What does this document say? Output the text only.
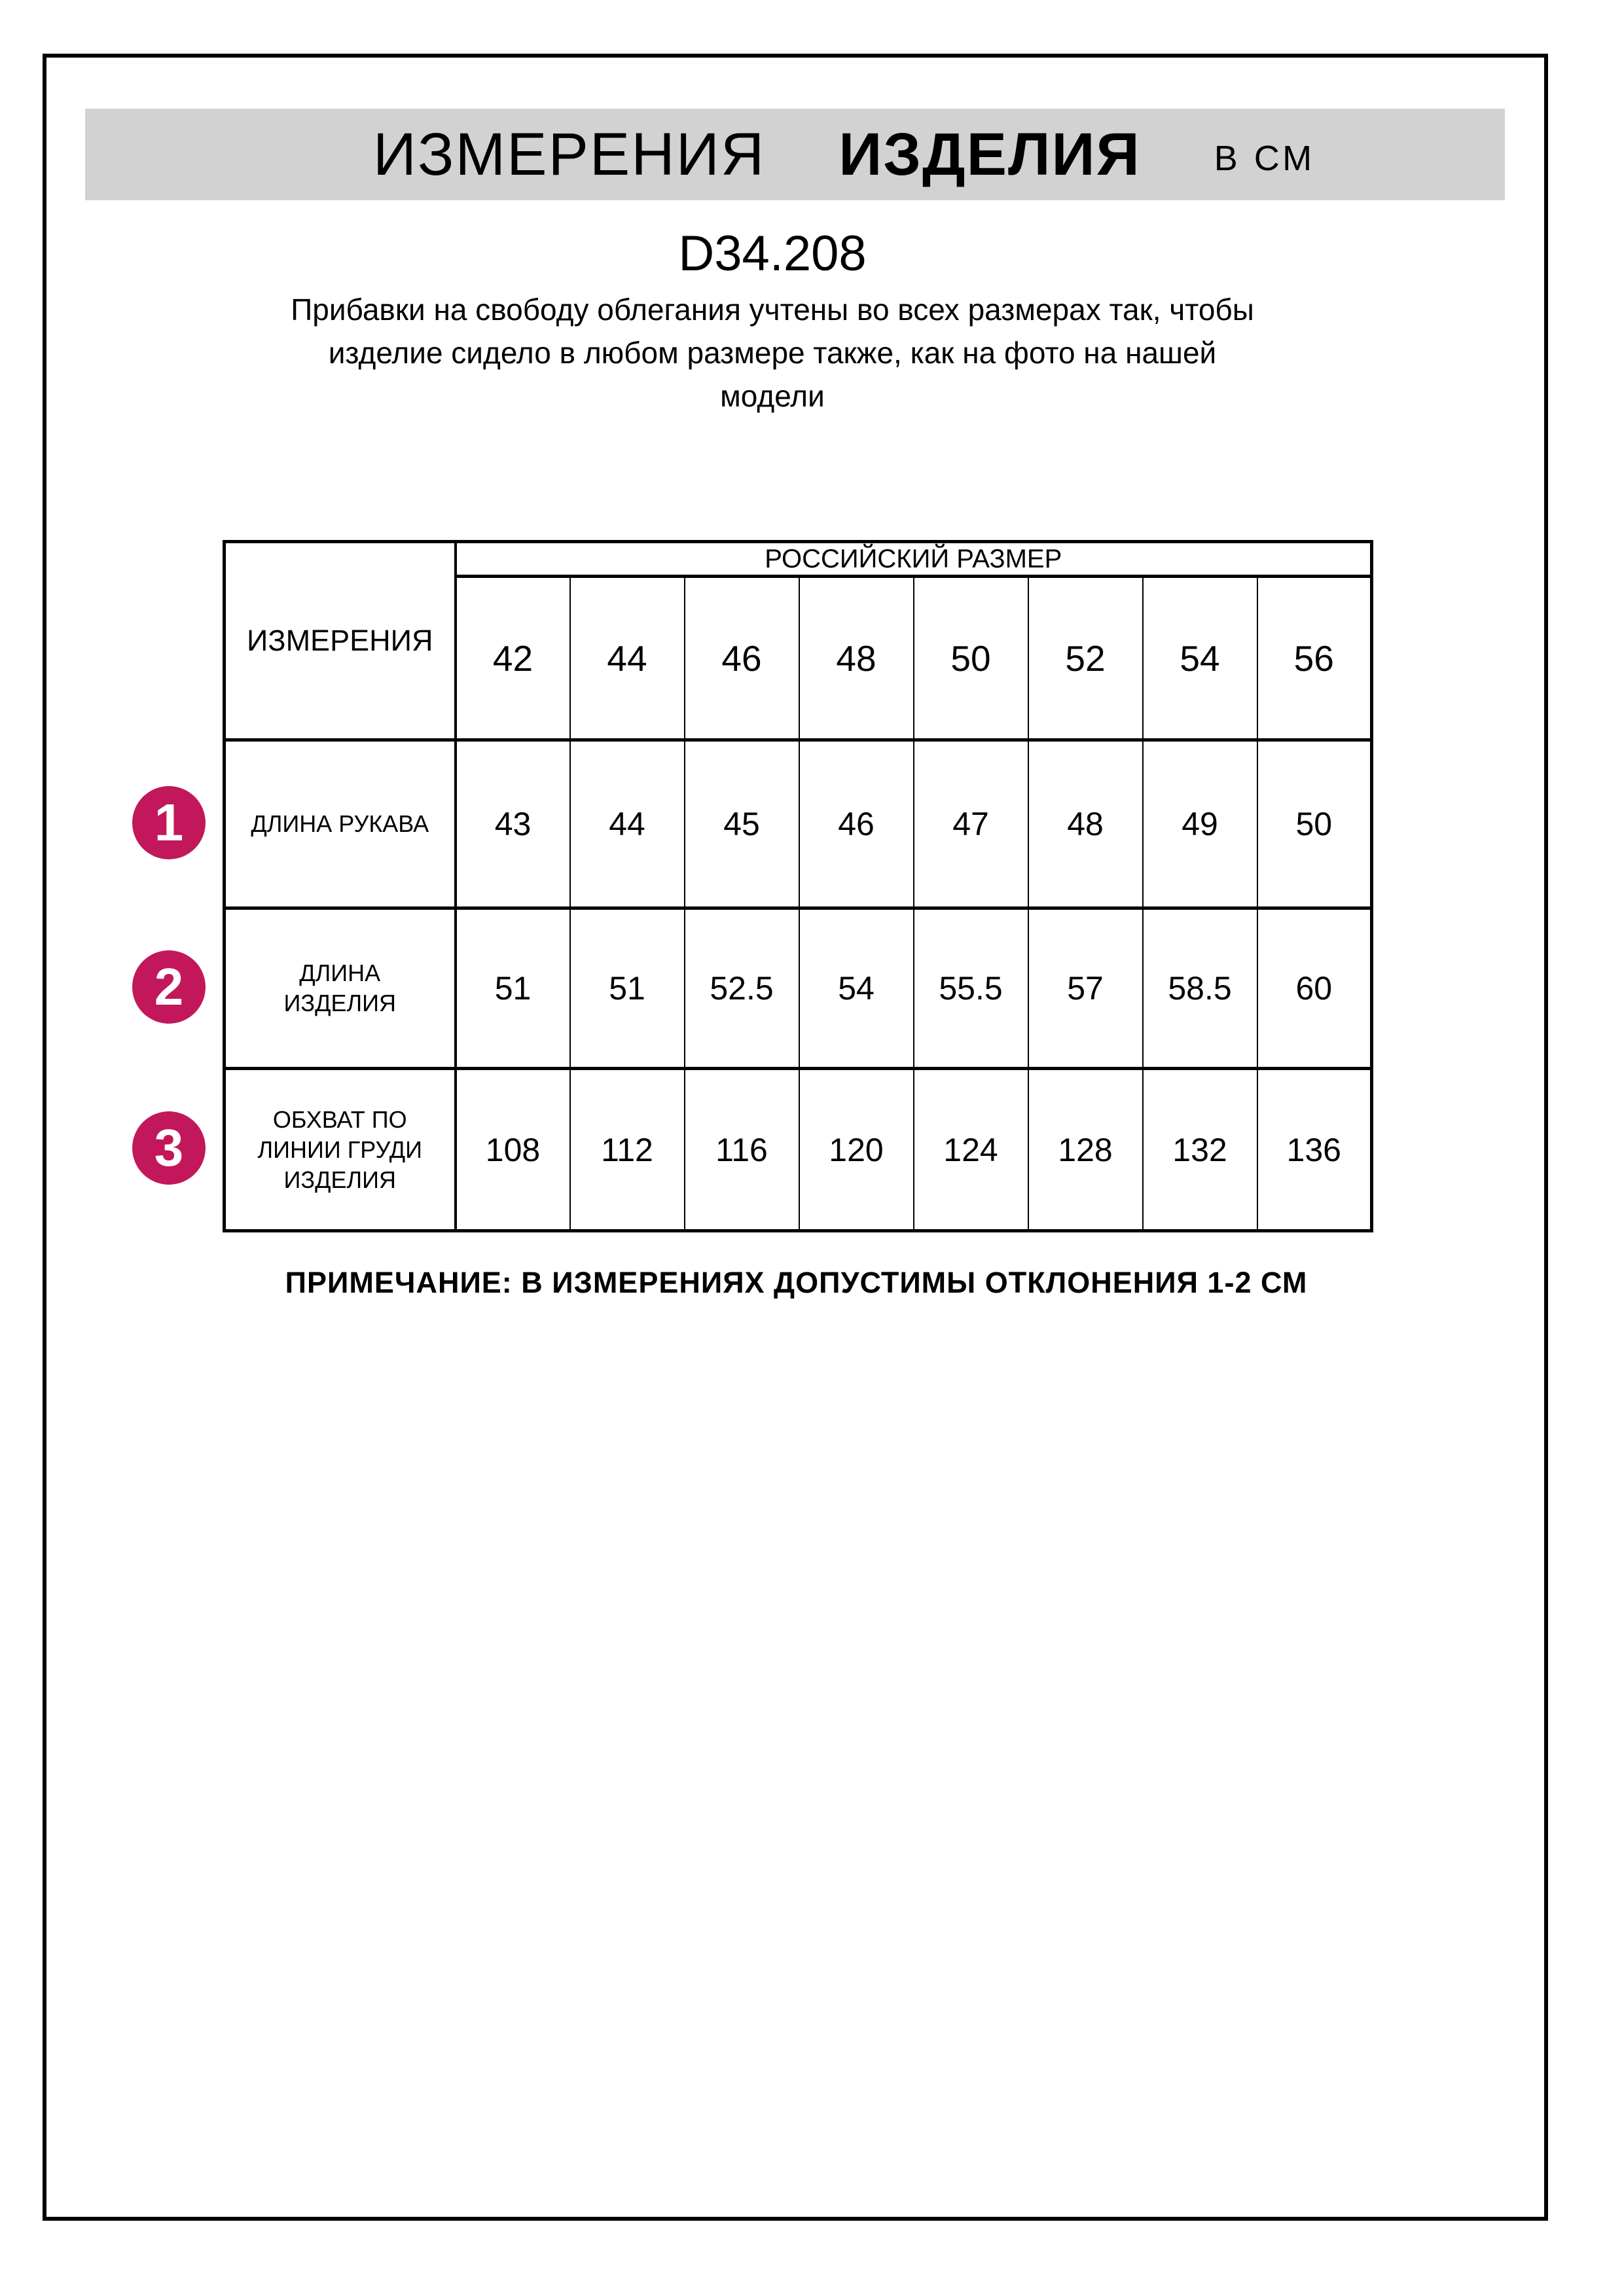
ИЗМЕРЕНИЯ ИЗДЕЛИЯ В СМ
D34.208
Прибавки на свободу облегания учтены во всех размерах так, чтобы
изделие сидело в любом размере также, как на фото на нашей
модели
ИЗМЕРЕНИЯ	РОССИЙСКИЙ РАЗМЕР							
	42	44	46	48	50	52	54	56

ДЛИНА РУКАВА	43	44	45	46	47	48	49	50

ДЛИНА
ИЗДЕЛИЯ	51	51	52.5	54	55.5	57	58.5	60

ОБХВАТ ПО
ЛИНИИ ГРУДИ
ИЗДЕЛИЯ	108	112	116	120	124	128	132	136
1
2
3
ПРИМЕЧАНИЕ: В ИЗМЕРЕНИЯХ ДОПУСТИМЫ ОТКЛОНЕНИЯ 1-2 СМ
